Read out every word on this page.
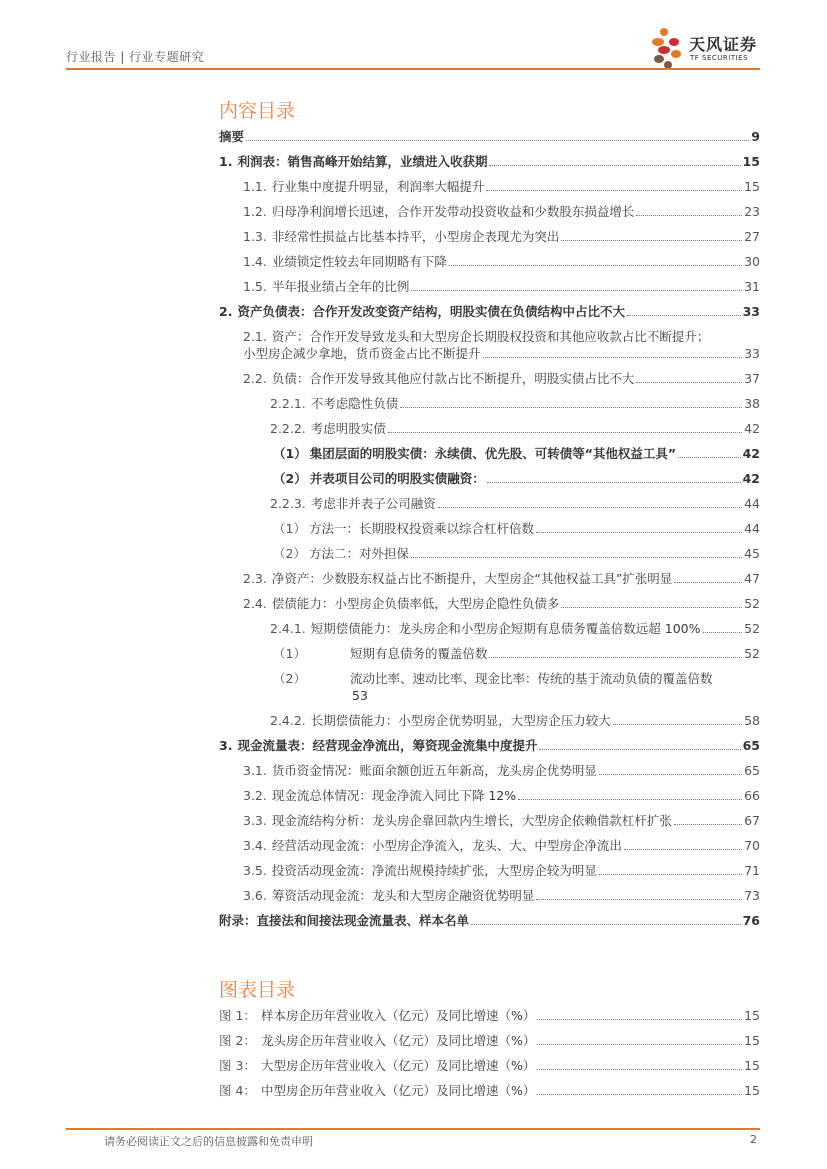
行业报告 | 行业专题研究
天风证券
TF SECURITIES
内容目录
摘要	9
1. 利润表：销售高峰开始结算，业绩进入收获期	15
1.1. 行业集中度提升明显，利润率大幅提升	15
1.2. 归母净利润增长迅速，合作开发带动投资收益和少数股东损益增长	23
1.3. 非经常性损益占比基本持平，小型房企表现尤为突出	27
1.4. 业绩锁定性较去年同期略有下降	30
1.5. 半年报业绩占全年的比例	31
2. 资产负债表：合作开发改变资产结构，明股实债在负债结构中占比不大	33
2.1. 资产：合作开发导致龙头和大型房企长期股权投资和其他应收款占比不断提升；
小型房企减少拿地，货币资金占比不断提升	33
2.2. 负债：合作开发导致其他应付款占比不断提升，明股实债占比不大	37
2.2.1. 不考虑隐性负债	38
2.2.2. 考虑明股实债	42
（1） 集团层面的明股实债：永续债、优先股、可转债等“其他权益工具”	42
（2） 并表项目公司的明股实债融资：	42
2.2.3. 考虑非并表子公司融资	44
（1） 方法一：长期股权投资乘以综合杠杆倍数	44
（2） 方法二：对外担保	45
2.3. 净资产：少数股东权益占比不断提升，大型房企“其他权益工具”扩张明显	47
2.4. 偿债能力：小型房企负债率低，大型房企隐性负债多	52
2.4.1. 短期偿债能力：龙头房企和小型房企短期有息债务覆盖倍数远超 100%	52
（1）	短期有息债务的覆盖倍数	52
（2）	流动比率、速动比率、现金比率：传统的基于流动负债的覆盖倍数
53
2.4.2. 长期偿债能力：小型房企优势明显，大型房企压力较大	58
3. 现金流量表：经营现金净流出，筹资现金流集中度提升	65
3.1. 货币资金情况：账面余额创近五年新高，龙头房企优势明显	65
3.2. 现金流总体情况：现金净流入同比下降 12%	66
3.3. 现金流结构分析：龙头房企靠回款内生增长，大型房企依赖借款杠杆扩张	67
3.4. 经营活动现金流：小型房企净流入，龙头、大、中型房企净流出	70
3.5. 投资活动现金流：净流出规模持续扩张，大型房企较为明显	71
3.6. 筹资活动现金流：龙头和大型房企融资优势明显	73
附录：直接法和间接法现金流量表、样本名单	76
图表目录
图 1： 样本房企历年营业收入（亿元）及同比增速（%）	15
图 2： 龙头房企历年营业收入（亿元）及同比增速（%）	15
图 3： 大型房企历年营业收入（亿元）及同比增速（%）	15
图 4： 中型房企历年营业收入（亿元）及同比增速（%）	15
请务必阅读正文之后的信息披露和免责申明	2
